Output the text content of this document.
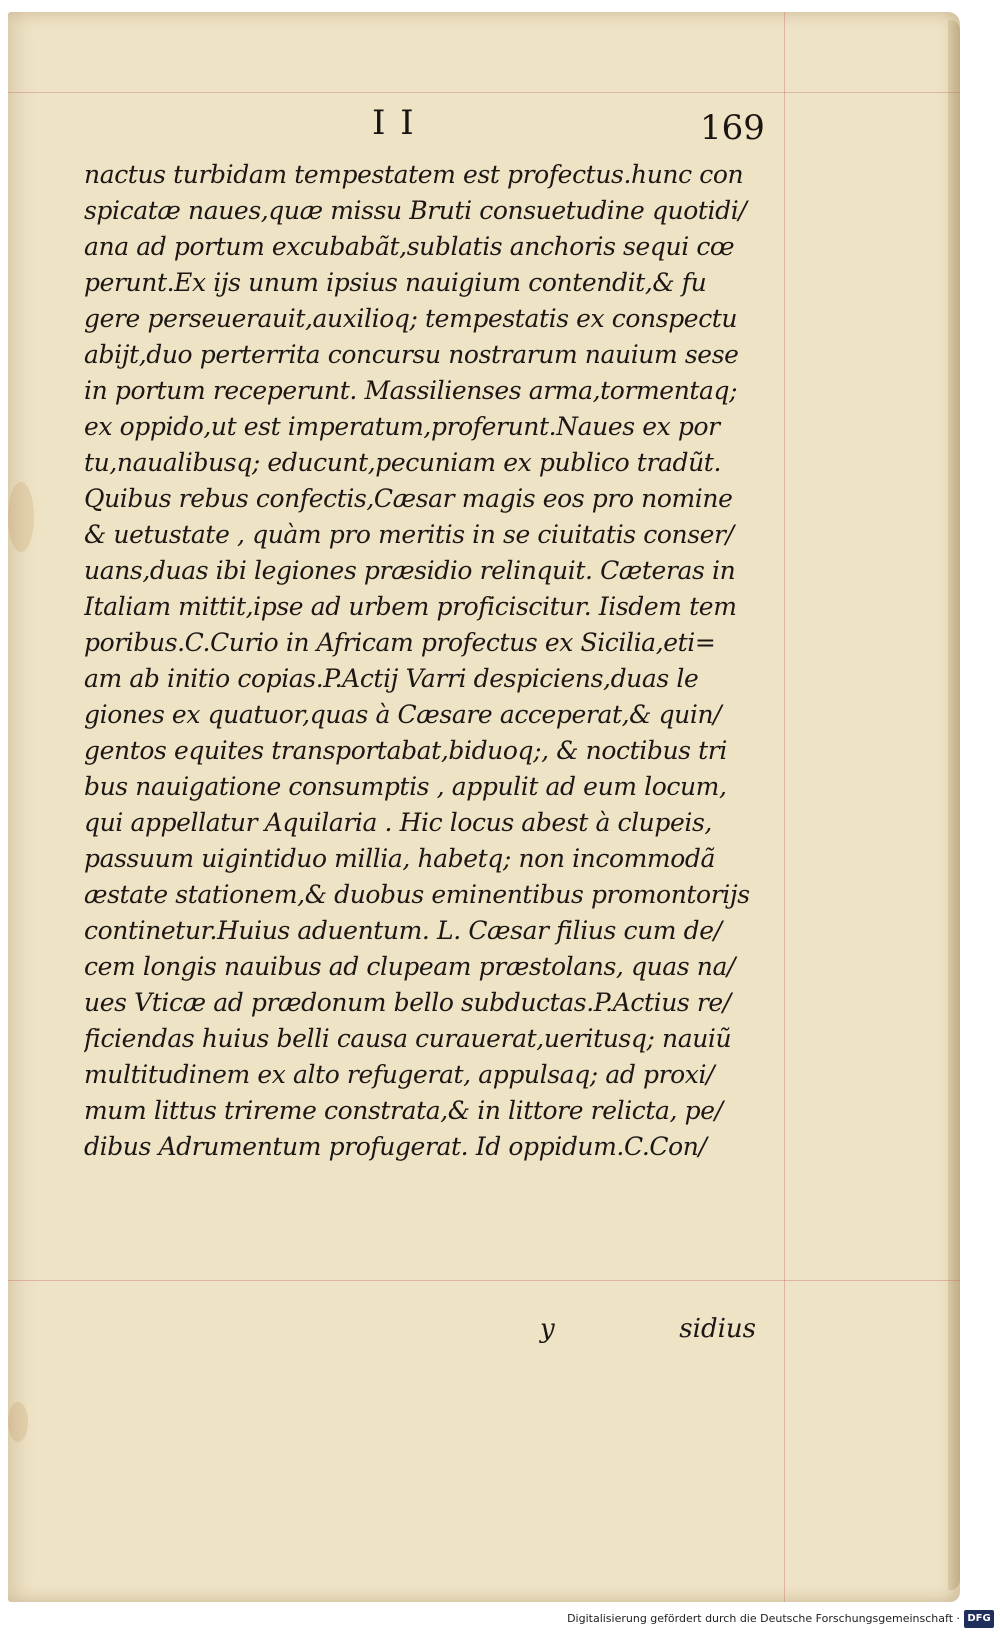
I I	169
nactus turbidam tempestatem est profectus.hunc con
spicatæ naues,quæ missu Bruti consuetudine quotidi/
ana ad portum excubabãt,sublatis anchoris sequi cœ
perunt.Ex ijs unum ipsius nauigium contendit,& fu
gere perseuerauit,auxilioq; tempestatis ex conspectu
abijt,duo perterrita concursu nostrarum nauium sese
in portum receperunt. Massilienses arma,tormentaq;
ex oppido,ut est imperatum,proferunt.Naues ex por
tu,naualibusq; educunt,pecuniam ex publico tradũt.
Quibus rebus confectis,Cæsar magis eos pro nomine
& uetustate , quàm pro meritis in se ciuitatis conser/
uans,duas ibi legiones præsidio relinquit. Cæteras in
Italiam mittit,ipse ad urbem proficiscitur. Iisdem tem
poribus.C.Curio in Africam profectus ex Sicilia,eti=
am ab initio copias.P.Actij Varri despiciens,duas le
giones ex quatuor,quas à Cæsare acceperat,& quin/
gentos equites transportabat,biduoq;, & noctibus tri
bus nauigatione consumptis , appulit ad eum locum,
qui appellatur Aquilaria . Hic locus abest à clupeis,
passuum uigintiduo millia, habetq; non incommodã
æstate stationem,& duobus eminentibus promontorijs
continetur.Huius aduentum. L. Cæsar filius cum de/
cem longis nauibus ad clupeam præstolans, quas na/
ues Vticæ ad prædonum bello subductas.P.Actius re/
ficiendas huius belli causa curauerat,ueritusq; nauiũ
multitudinem ex alto refugerat, appulsaq; ad proxi/
mum littus trireme constrata,& in littore relicta, pe/
dibus Adrumentum profugerat. Id oppidum.C.Con/
y	sidius
Digitalisierung gefördert durch die Deutsche Forschungsgemeinschaft · DFG
